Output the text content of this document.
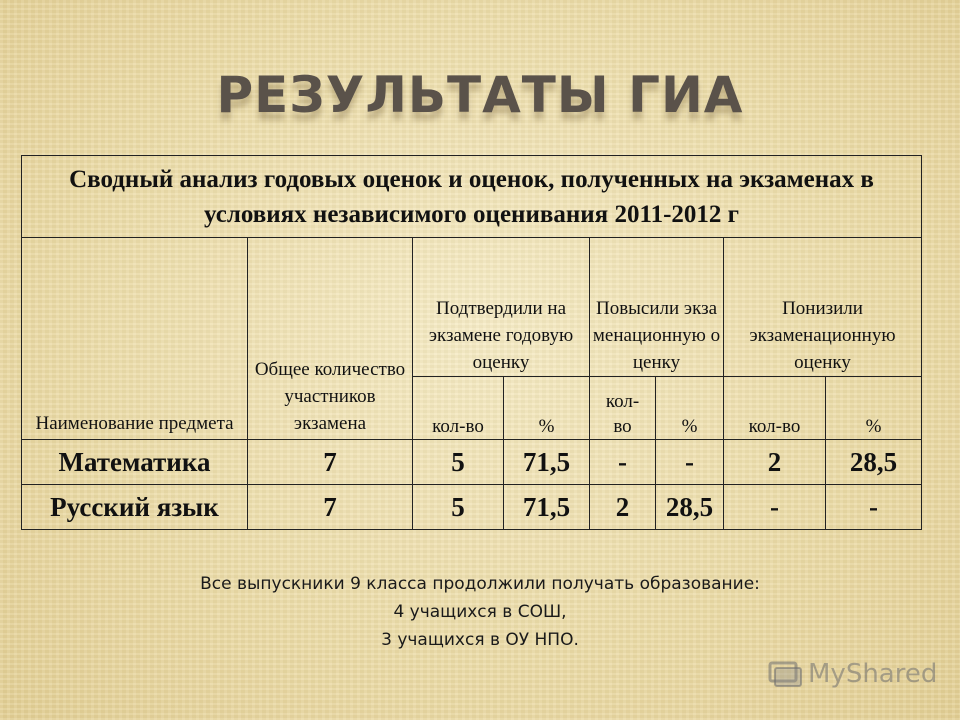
РЕЗУЛЬТАТЫ ГИА
Сводный анализ годовых оценок и оценок, полученных на экзаменах в условиях независимого оценивания 2011-2012 г							
Наименование предмета	Общее количество участников экзамена	Подтвердили на экзамене годовую оценку		Повысили экзаменационную оценку		Понизили экзаменационную оценку	
		кол-во	%	кол-во	%	кол-во	%
Математика	7	5	71,5	-	-	2	28,5
Русский язык	7	5	71,5	2	28,5	-	-
Все выпускники 9 класса продолжили получать образование:
4 учащихся в СОШ,
3 учащихся в ОУ НПО.
MyShared
